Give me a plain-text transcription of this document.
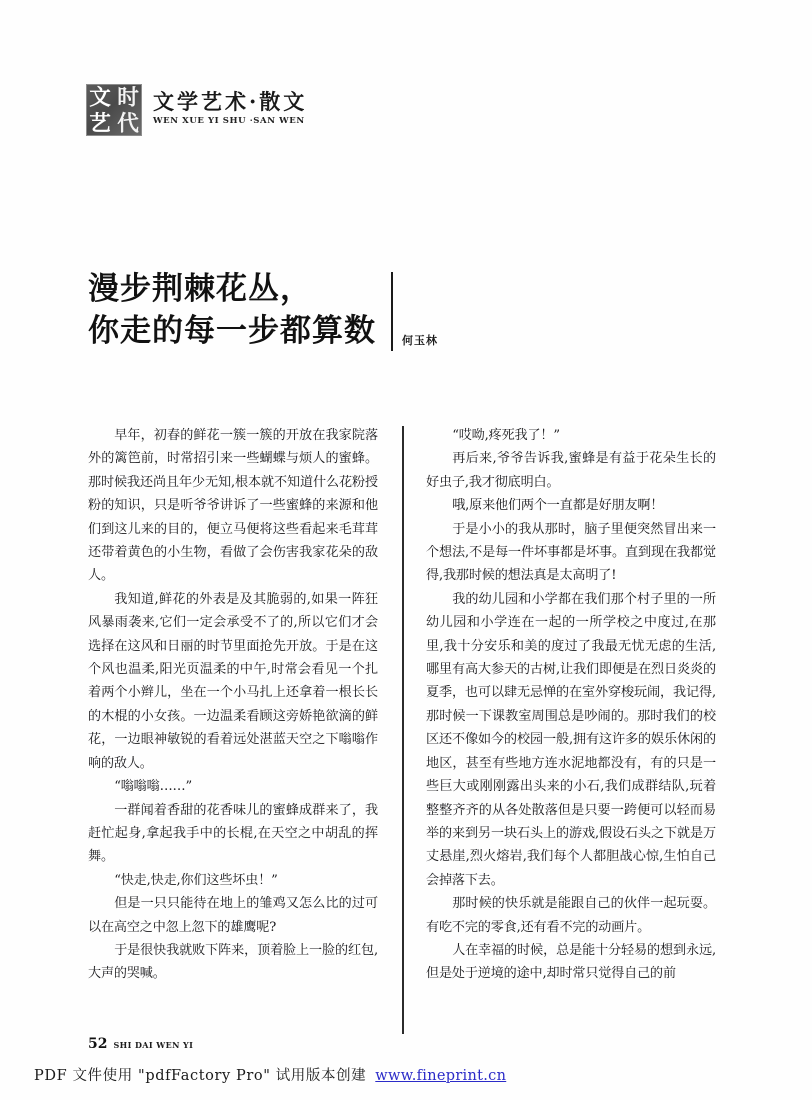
文 时
艺 代
文学艺术·散文
WEN XUE YI SHU ·SAN WEN
漫步荆棘花丛，
你走的每一步都算数	何玉林

早年，初春的鲜花一簇一簇的开放在我家院落外的篱笆前，时常招引来一些蝴蝶与烦人的蜜蜂。那时候我还尚且年少无知,根本就不知道什么花粉授粉的知识，只是听爷爷讲诉了一些蜜蜂的来源和他们到这儿来的目的，便立马便将这些看起来毛茸茸还带着黄色的小生物，看做了会伤害我家花朵的敌人。

我知道,鲜花的外表是及其脆弱的,如果一阵狂风暴雨袭来,它们一定会承受不了的,所以它们才会选择在这风和日丽的时节里面抢先开放。于是在这个风也温柔,阳光页温柔的中午,时常会看见一个扎着两个小辫儿，坐在一个小马扎上还拿着一根长长的木棍的小女孩。一边温柔看顾这旁娇艳欲滴的鲜花，一边眼神敏锐的看着远处湛蓝天空之下嗡嗡作响的敌人。

“嗡嗡嗡……”

一群闻着香甜的花香味儿的蜜蜂成群来了，我赶忙起身,拿起我手中的长棍,在天空之中胡乱的挥舞。

“快走,快走,你们这些坏虫！”

但是一只只能待在地上的雏鸡又怎么比的过可以在高空之中忽上忽下的雄鹰呢?

于是很快我就败下阵来，顶着脸上一脸的红包,大声的哭喊。

“哎呦,疼死我了！”

再后来,爷爷告诉我,蜜蜂是有益于花朵生长的好虫子,我才彻底明白。

哦,原来他们两个一直都是好朋友啊！

于是小小的我从那时，脑子里便突然冒出来一个想法,不是每一件坏事都是坏事。直到现在我都觉得,我那时候的想法真是太高明了!

我的幼儿园和小学都在我们那个村子里的一所幼儿园和小学连在一起的一所学校之中度过,在那里,我十分安乐和美的度过了我最无忧无虑的生活,哪里有高大参天的古树,让我们即便是在烈日炎炎的夏季，也可以肆无忌惮的在室外穿梭玩闹，我记得,那时候一下课教室周围总是吵闹的。那时我们的校区还不像如今的校园一般,拥有这许多的娱乐休闲的地区，甚至有些地方连水泥地都没有，有的只是一些巨大或刚刚露出头来的小石,我们成群结队,玩着整整齐齐的从各处散落但是只要一跨便可以轻而易举的来到另一块石头上的游戏,假设石头之下就是万丈悬崖,烈火熔岩,我们每个人都胆战心惊,生怕自己会掉落下去。

那时候的快乐就是能跟自己的伙伴一起玩耍。有吃不完的零食,还有看不完的动画片。

人在幸福的时候，总是能十分轻易的想到永远,但是处于逆境的途中,却时常只觉得自己的前

52 SHI DAI WEN YI
PDF 文件使用 "pdfFactory Pro" 试用版本创建 www.fineprint.cn
